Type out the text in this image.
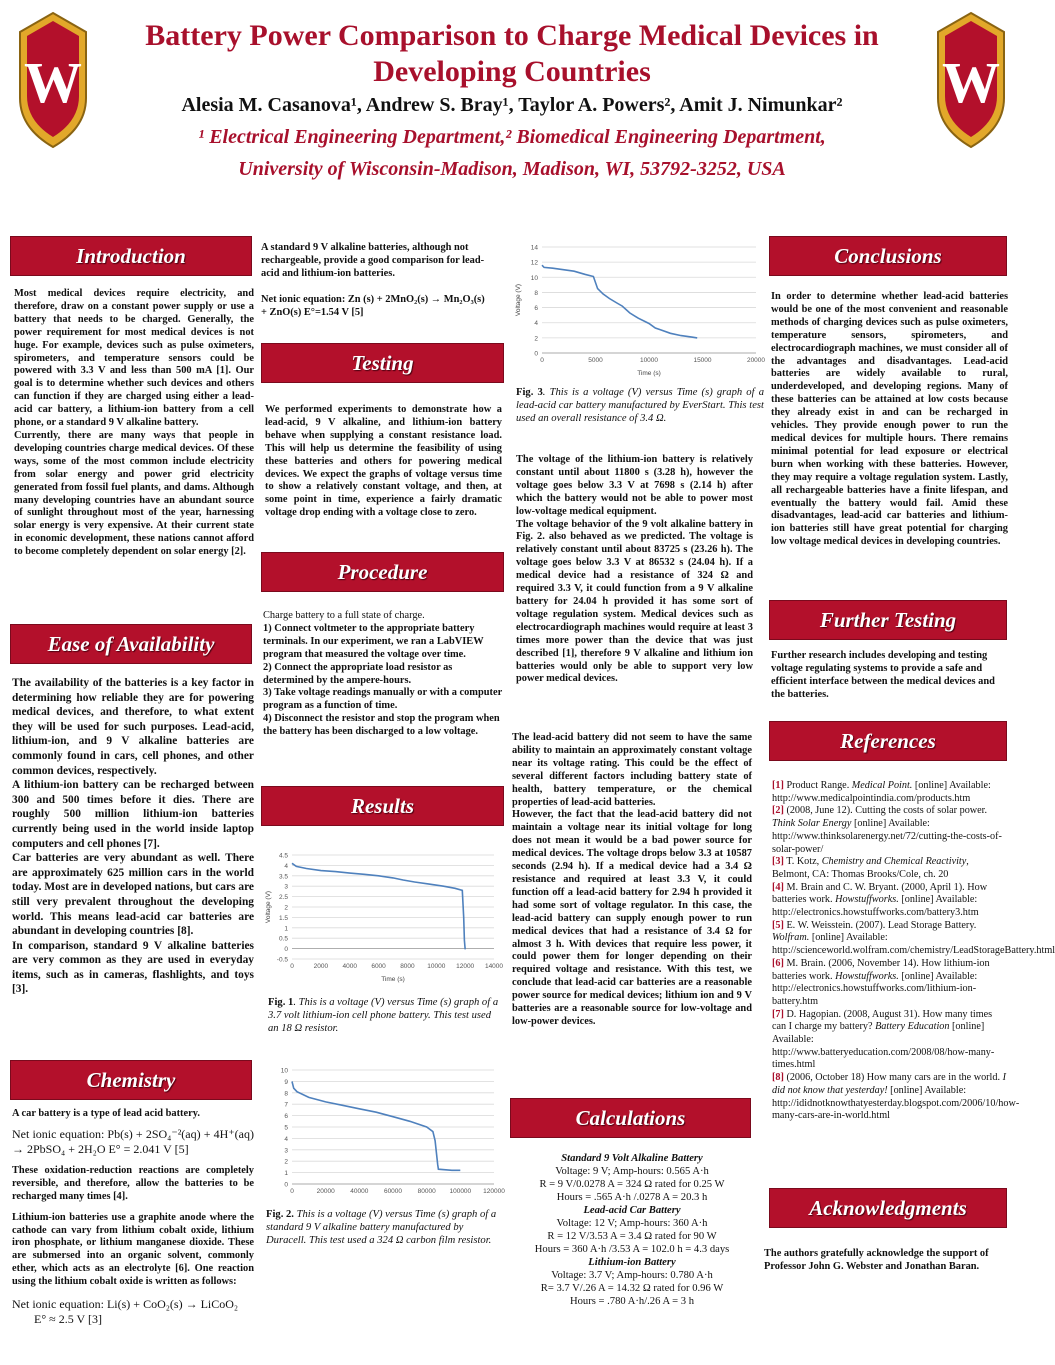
W	W
Battery Power Comparison to Charge Medical Devices in
Developing Countries
Alesia M. Casanova¹, Andrew S. Bray¹, Taylor A. Powers², Amit J. Nimunkar²
¹ Electrical Engineering Department,² Biomedical Engineering Department,
University of Wisconsin-Madison, Madison, WI, 53792-3252, USA
Introduction

Most medical devices require electricity, and therefore, draw on a constant power supply or use a battery that needs to be charged. Generally, the power requirement for most medical devices is not huge. For example, devices such as pulse oximeters, spirometers, and temperature sensors could be powered with 3.3 V and less than 500 mA [1]. Our goal is to determine whether such devices and others can function if they are charged using either a lead-acid car battery, a lithium-ion battery from a cell phone, or a standard 9 V alkaline battery.

Currently, there are many ways that people in developing countries charge medical devices. Of these ways, some of the most common include electricity from solar energy and power grid electricity generated from fossil fuel plants, and dams. Although many developing countries have an abundant source of sunlight throughout most of the year, harnessing solar energy is very expensive. At their current state in economic development, these nations cannot afford to become completely dependent on solar energy [2].

Ease of Availability

The availability of the batteries is a key factor in determining how reliable they are for powering medical devices, and therefore, to what extent they will be used for such purposes. Lead-acid, lithium-ion, and 9 V alkaline batteries are commonly found in cars, cell phones, and other common devices, respectively.

A lithium-ion battery can be recharged between 300 and 500 times before it dies. There are roughly 500 million lithium-ion batteries currently being used in the world inside laptop computers and cell phones [7].

Car batteries are very abundant as well. There are approximately 625 million cars in the world today. Most are in developed nations, but cars are still very prevalent throughout the developing world. This means lead-acid car batteries are abundant in developing countries [8].

In comparison, standard 9 V alkaline batteries are very common as they are used in everyday items, such as in cameras, flashlights, and toys [3].

Chemistry

A car battery is a type of lead acid battery.

Net ionic equation: Pb(s) + 2SO₄⁻²(aq) + 4H⁺(aq) → 2PbSO₄ + 2H₂O E° = 2.041 V [5]

These oxidation-reduction reactions are completely reversible, and therefore, allow the batteries to be recharged many times [4].

Lithium-ion batteries use a graphite anode where the cathode can vary from lithium cobalt oxide, lithium iron phosphate, or lithium manganese dioxide. These are submersed into an organic solvent, commonly ether, which acts as an electrolyte [6]. One reaction using the lithium cobalt oxide is written as follows:

Net ionic equation: Li(s) + CoO₂(s) → LiCoO₂

E° ≈ 2.5 V [3]

A standard 9 V alkaline batteries, although not rechargeable, provide a good comparison for lead-acid and lithium-ion batteries.

Net ionic equation: Zn (s) + 2MnO₂(s) → Mn₂O₃(s) + ZnO(s) E°=1.54 V [5]

Testing

We performed experiments to demonstrate how a lead-acid, 9 V alkaline, and lithium-ion battery behave when supplying a constant resistance load. This will help us determine the feasibility of using these batteries and others for powering medical devices. We expect the graphs of voltage versus time to show a relatively constant voltage, and then, at some point in time, experience a fairly dramatic voltage drop ending with a voltage close to zero.

Procedure

Charge battery to a full state of charge.

1) Connect voltmeter to the appropriate battery terminals. In our experiment, we ran a LabVIEW program that measured the voltage over time.

2) Connect the appropriate load resistor as determined by the ampere-hours.

3) Take voltage readings manually or with a computer program as a function of time.

4) Disconnect the resistor and stop the program when the battery has been discharged to a low voltage.

Results
-0.5
0
0.5
1
1.5
2
2.5
3
3.5
4
4.5
0	2000 4000 6000 8000 10000 12000 14000
Time (s)
Voltage (V)
Fig. 1. This is a voltage (V) versus Time (s) graph of a 3.7 volt lithium-ion cell phone battery. This test used an 18 Ω resistor.
0
1
2
3
4
5
6
7
8
9
10
0	20000 40000 60000 80000 100000 120000
Fig. 2. This is a voltage (V) versus Time (s) graph of a standard 9 V alkaline battery manufactured by Duracell. This test used a 324 Ω carbon film resistor.
0
2
4
6
8
10
12
14
0	5000	10000	15000	20000
Time (s)
Voltage (V)
Fig. 3. This is a voltage (V) versus Time (s) graph of a lead-acid car battery manufactured by EverStart. This test used an overall resistance of 3.4 Ω.

The voltage of the lithium-ion battery is relatively constant until about 11800 s (3.28 h), however the voltage goes below 3.3 V at 7698 s (2.14 h) after which the battery would not be able to power most low-voltage medical equipment.

The voltage behavior of the 9 volt alkaline battery in Fig. 2. also behaved as we predicted. The voltage is relatively constant until about 83725 s (23.26 h). The voltage goes below 3.3 V at 86532 s (24.04 h). If a medical device had a resistance of 324 Ω and required 3.3 V, it could function from a 9 V alkaline battery for 24.04 h provided it has some sort of voltage regulation system. Medical devices such as electrocardiograph machines would require at least 3 times more power than the device that was just described [1], therefore 9 V alkaline and lithium ion batteries would only be able to support very low power medical devices.

The lead-acid battery did not seem to have the same ability to maintain an approximately constant voltage near its voltage rating. This could be the effect of several different factors including battery state of health, battery temperature, or the chemical properties of lead-acid batteries.

However, the fact that the lead-acid battery did not maintain a voltage near its initial voltage for long does not mean it would be a bad power source for medical devices. The voltage drops below 3.3 at 10587 seconds (2.94 h). If a medical device had a 3.4 Ω resistance and required at least 3.3 V, it could function off a lead-acid battery for 2.94 h provided it had some sort of voltage regulator. In this case, the lead-acid battery can supply enough power to run medical devices that had a resistance of 3.4 Ω for almost 3 h. With devices that require less power, it could power them for longer depending on their required voltage and resistance. With this test, we conclude that lead-acid car batteries are a reasonable power source for medical devices; lithium ion and 9 V batteries are a reasonable source for low-voltage and low-power devices.

Calculations
Standard 9 Volt Alkaline Battery
Voltage: 9 V; Amp-hours: 0.565 A·h
R = 9 V/0.0278 A = 324 Ω rated for 0.25 W
Hours = .565 A·h /.0278 A = 20.3 h
Lead-acid Car Battery
Voltage: 12 V; Amp-hours: 360 A·h
R = 12 V/3.53 A = 3.4 Ω rated for 90 W
Hours = 360 A·h /3.53 A = 102.0 h = 4.3 days
Lithium-ion Battery
Voltage: 3.7 V; Amp-hours: 0.780 A·h
R= 3.7 V/.26 A = 14.32 Ω rated for 0.96 W
Hours = .780 A·h/.26 A = 3 h
Conclusions

In order to determine whether lead-acid batteries would be one of the most convenient and reasonable methods of charging devices such as pulse oximeters, temperature sensors, spirometers, and electrocardiograph machines, we must consider all of the advantages and disadvantages. Lead-acid batteries are widely available to rural, underdeveloped, and developing regions. Many of these batteries can be attained at low costs because they already exist in and can be recharged in vehicles. They provide enough power to run the medical devices for multiple hours. There remains minimal potential for lead exposure or electrical burn when working with these batteries. However, they may require a voltage regulation system. Lastly, all rechargeable batteries have a finite lifespan, and eventually the battery would fail. Amid these disadvantages, lead-acid car batteries and lithium-ion batteries still have great potential for charging low voltage medical devices in developing countries.

Further Testing

Further research includes developing and testing voltage regulating systems to provide a safe and efficient interface between the medical devices and the batteries.

References
[1] Product Range. Medical Point. [online] Available: http://www.medicalpointindia.com/products.htm
[2] (2008, June 12). Cutting the costs of solar power. Think Solar Energy [online] Available: http://www.thinksolarenergy.net/72/cutting-the-costs-of-solar-power/
[3] T. Kotz, Chemistry and Chemical Reactivity, Belmont, CA: Thomas Brooks/Cole, ch. 20
[4] M. Brain and C. W. Bryant. (2000, April 1). How batteries work. Howstuffworks. [online] Available: http://electronics.howstuffworks.com/battery3.htm
[5] E. W. Weisstein. (2007). Lead Storage Battery. Wolfram. [online] Available: http://scienceworld.wolfram.com/chemistry/LeadStorageBattery.html
[6] M. Brain. (2006, November 14). How lithium-ion batteries work. Howstuffworks. [online] Available: http://electronics.howstuffworks.com/lithium-ion-battery.htm
[7] D. Hagopian. (2008, August 31). How many times can I charge my battery? Battery Education [online] Available: http://www.batteryeducation.com/2008/08/how-many-times.html
[8] (2006, October 18) How many cars are in the world. I did not know that yesterday! [online] Available: http://ididnotknowthatyesterday.blogspot.com/2006/10/how-many-cars-are-in-world.html
Acknowledgments

The authors gratefully acknowledge the support of Professor John G. Webster and Jonathan Baran.
